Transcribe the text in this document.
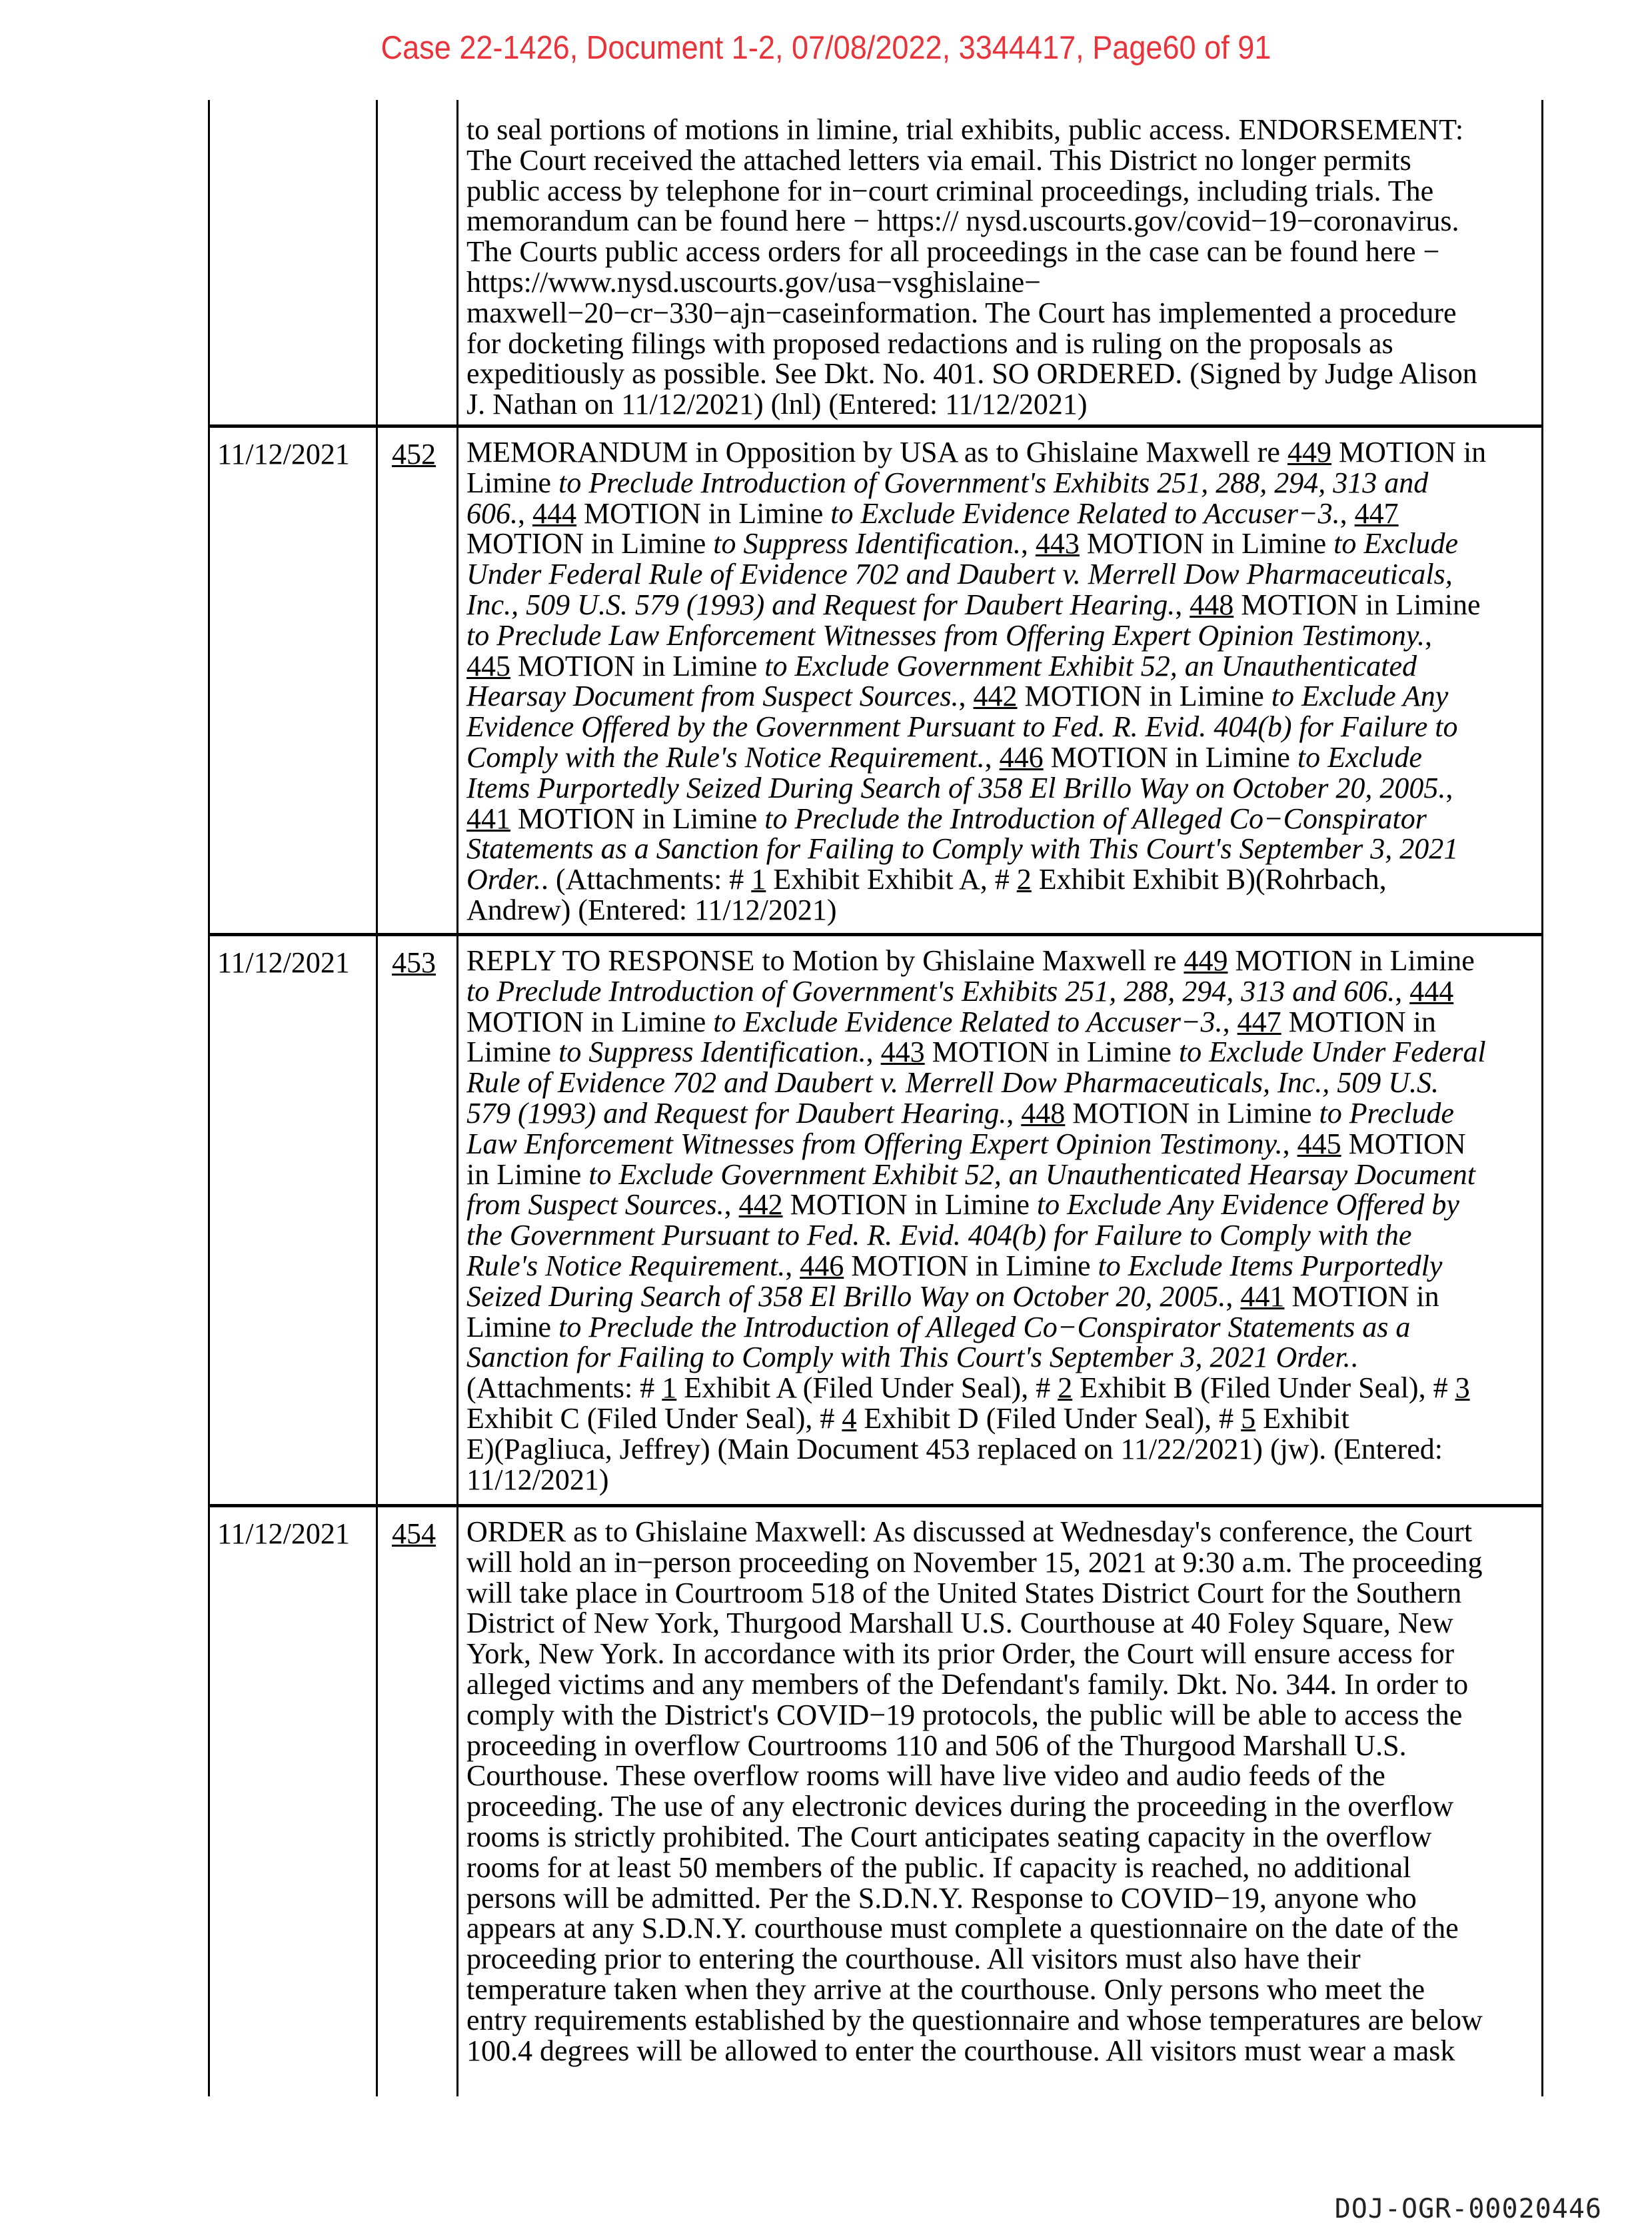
Case 22-1426, Document 1-2, 07/08/2022, 3344417, Page60 of 91
to seal portions of motions in limine, trial exhibits, public access. ENDORSEMENT:
The Court received the attached letters via email. This District no longer permits
public access by telephone for in−court criminal proceedings, including trials. The
memorandum can be found here − https:// nysd.uscourts.gov/covid−19−coronavirus.
The Courts public access orders for all proceedings in the case can be found here −
https://www.nysd.uscourts.gov/usa−vsghislaine−
maxwell−20−cr−330−ajn−caseinformation. The Court has implemented a procedure
for docketing filings with proposed redactions and is ruling on the proposals as
expeditiously as possible. See Dkt. No. 401. SO ORDERED. (Signed by Judge Alison
J. Nathan on 11/12/2021) (lnl) (Entered: 11/12/2021)
11/12/2021 452 MEMORANDUM in Opposition by USA as to Ghislaine Maxwell re 449 MOTION in
Limine to Preclude Introduction of Government's Exhibits 251, 288, 294, 313 and
606., 444 MOTION in Limine to Exclude Evidence Related to Accuser−3., 447
MOTION in Limine to Suppress Identification., 443 MOTION in Limine to Exclude
Under Federal Rule of Evidence 702 and Daubert v. Merrell Dow Pharmaceuticals,
Inc., 509 U.S. 579 (1993) and Request for Daubert Hearing., 448 MOTION in Limine
to Preclude Law Enforcement Witnesses from Offering Expert Opinion Testimony.,
445 MOTION in Limine to Exclude Government Exhibit 52, an Unauthenticated
Hearsay Document from Suspect Sources., 442 MOTION in Limine to Exclude Any
Evidence Offered by the Government Pursuant to Fed. R. Evid. 404(b) for Failure to
Comply with the Rule's Notice Requirement., 446 MOTION in Limine to Exclude
Items Purportedly Seized During Search of 358 El Brillo Way on October 20, 2005.,
441 MOTION in Limine to Preclude the Introduction of Alleged Co−Conspirator
Statements as a Sanction for Failing to Comply with This Court's September 3, 2021
Order.. (Attachments: # 1 Exhibit Exhibit A, # 2 Exhibit Exhibit B)(Rohrbach,
Andrew) (Entered: 11/12/2021)
11/12/2021 453 REPLY TO RESPONSE to Motion by Ghislaine Maxwell re 449 MOTION in Limine
to Preclude Introduction of Government's Exhibits 251, 288, 294, 313 and 606., 444
MOTION in Limine to Exclude Evidence Related to Accuser−3., 447 MOTION in
Limine to Suppress Identification., 443 MOTION in Limine to Exclude Under Federal
Rule of Evidence 702 and Daubert v. Merrell Dow Pharmaceuticals, Inc., 509 U.S.
579 (1993) and Request for Daubert Hearing., 448 MOTION in Limine to Preclude
Law Enforcement Witnesses from Offering Expert Opinion Testimony., 445 MOTION
in Limine to Exclude Government Exhibit 52, an Unauthenticated Hearsay Document
from Suspect Sources., 442 MOTION in Limine to Exclude Any Evidence Offered by
the Government Pursuant to Fed. R. Evid. 404(b) for Failure to Comply with the
Rule's Notice Requirement., 446 MOTION in Limine to Exclude Items Purportedly
Seized During Search of 358 El Brillo Way on October 20, 2005., 441 MOTION in
Limine to Preclude the Introduction of Alleged Co−Conspirator Statements as a
Sanction for Failing to Comply with This Court's September 3, 2021 Order..
(Attachments: # 1 Exhibit A (Filed Under Seal), # 2 Exhibit B (Filed Under Seal), # 3
Exhibit C (Filed Under Seal), # 4 Exhibit D (Filed Under Seal), # 5 Exhibit
E)(Pagliuca, Jeffrey) (Main Document 453 replaced on 11/22/2021) (jw). (Entered:
11/12/2021)
11/12/2021 454 ORDER as to Ghislaine Maxwell: As discussed at Wednesday's conference, the Court
will hold an in−person proceeding on November 15, 2021 at 9:30 a.m. The proceeding
will take place in Courtroom 518 of the United States District Court for the Southern
District of New York, Thurgood Marshall U.S. Courthouse at 40 Foley Square, New
York, New York. In accordance with its prior Order, the Court will ensure access for
alleged victims and any members of the Defendant's family. Dkt. No. 344. In order to
comply with the District's COVID−19 protocols, the public will be able to access the
proceeding in overflow Courtrooms 110 and 506 of the Thurgood Marshall U.S.
Courthouse. These overflow rooms will have live video and audio feeds of the
proceeding. The use of any electronic devices during the proceeding in the overflow
rooms is strictly prohibited. The Court anticipates seating capacity in the overflow
rooms for at least 50 members of the public. If capacity is reached, no additional
persons will be admitted. Per the S.D.N.Y. Response to COVID−19, anyone who
appears at any S.D.N.Y. courthouse must complete a questionnaire on the date of the
proceeding prior to entering the courthouse. All visitors must also have their
temperature taken when they arrive at the courthouse. Only persons who meet the
entry requirements established by the questionnaire and whose temperatures are below
100.4 degrees will be allowed to enter the courthouse. All visitors must wear a mask
DOJ-OGR-00020446
